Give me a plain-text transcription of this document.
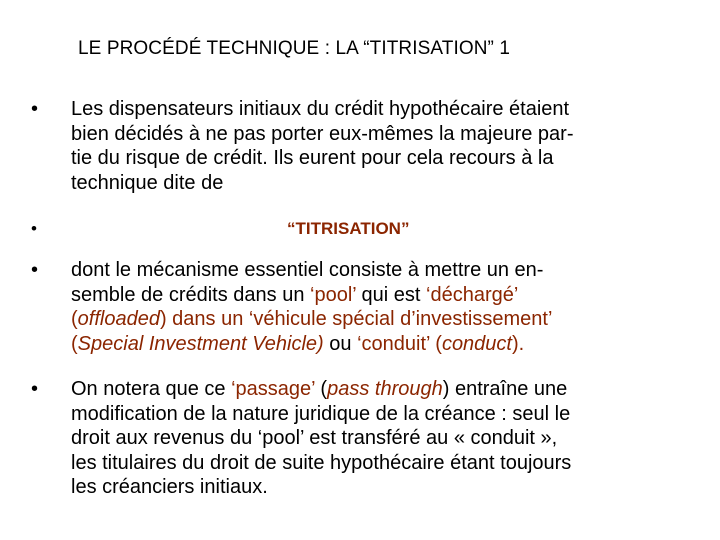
LE PROCÉDÉ TECHNIQUE : LA “TITRISATION” 1
•	Les dispensateurs initiaux du crédit hypothécaire étaient
bien décidés à ne pas porter eux-mêmes la majeure par-
tie du risque de crédit. Ils eurent pour cela recours à la
technique dite de
•	“TITRISATION”
•	dont le mécanisme essentiel consiste à mettre un en-
semble de crédits dans un ‘pool’ qui est ‘déchargé’
(offloaded) dans un ‘véhicule spécial d’investissement’
(Special Investment Vehicle) ou ‘conduit’ (conduct).
•	On notera que ce ‘passage’ (pass through) entraîne une
modification de la nature juridique de la créance : seul le
droit aux revenus du ‘pool’ est transféré au « conduit »,
les titulaires du droit de suite hypothécaire étant toujours
les créanciers initiaux.
